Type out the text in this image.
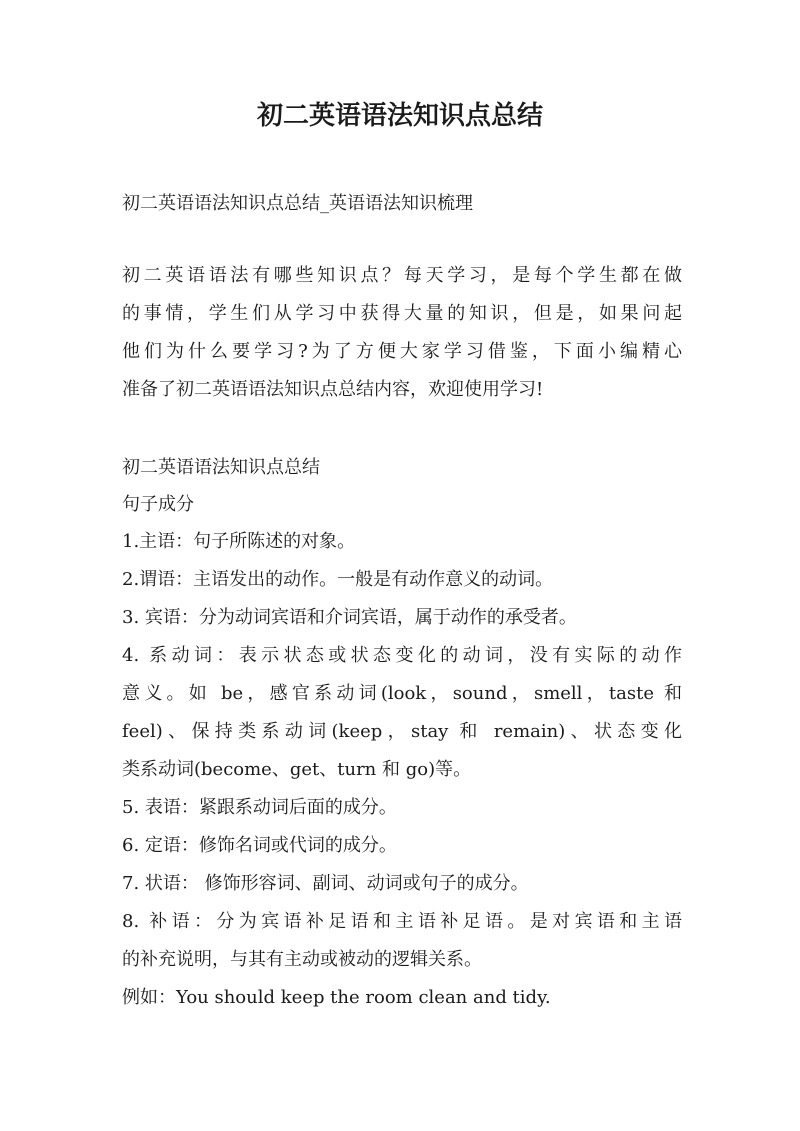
初二英语语法知识点总结
初二英语语法知识点总结_英语语法知识梳理
初二英语语法有哪些知识点？每天学习，是每个学生都在做
的事情，学生们从学习中获得大量的知识，但是，如果问起
他们为什么要学习?为了方便大家学习借鉴，下面小编精心
准备了初二英语语法知识点总结内容，欢迎使用学习!
初二英语语法知识点总结
句子成分
1.主语：句子所陈述的对象。
2.谓语：主语发出的动作。一般是有动作意义的动词。
3. 宾语：分为动词宾语和介词宾语，属于动作的承受者。
4. 系动词：表示状态或状态变化的动词，没有实际的动作
意义。如 be，感官系动词(look，sound，smell，taste 和
feel)、保持类系动词(keep，stay 和 remain)、状态变化
类系动词(become、get、turn 和 go)等。
5. 表语：紧跟系动词后面的成分。
6. 定语：修饰名词或代词的成分。
7. 状语： 修饰形容词、副词、动词或句子的成分。
8. 补语：分为宾语补足语和主语补足语。是对宾语和主语
的补充说明，与其有主动或被动的逻辑关系。
例如：You should keep the room clean and tidy.
